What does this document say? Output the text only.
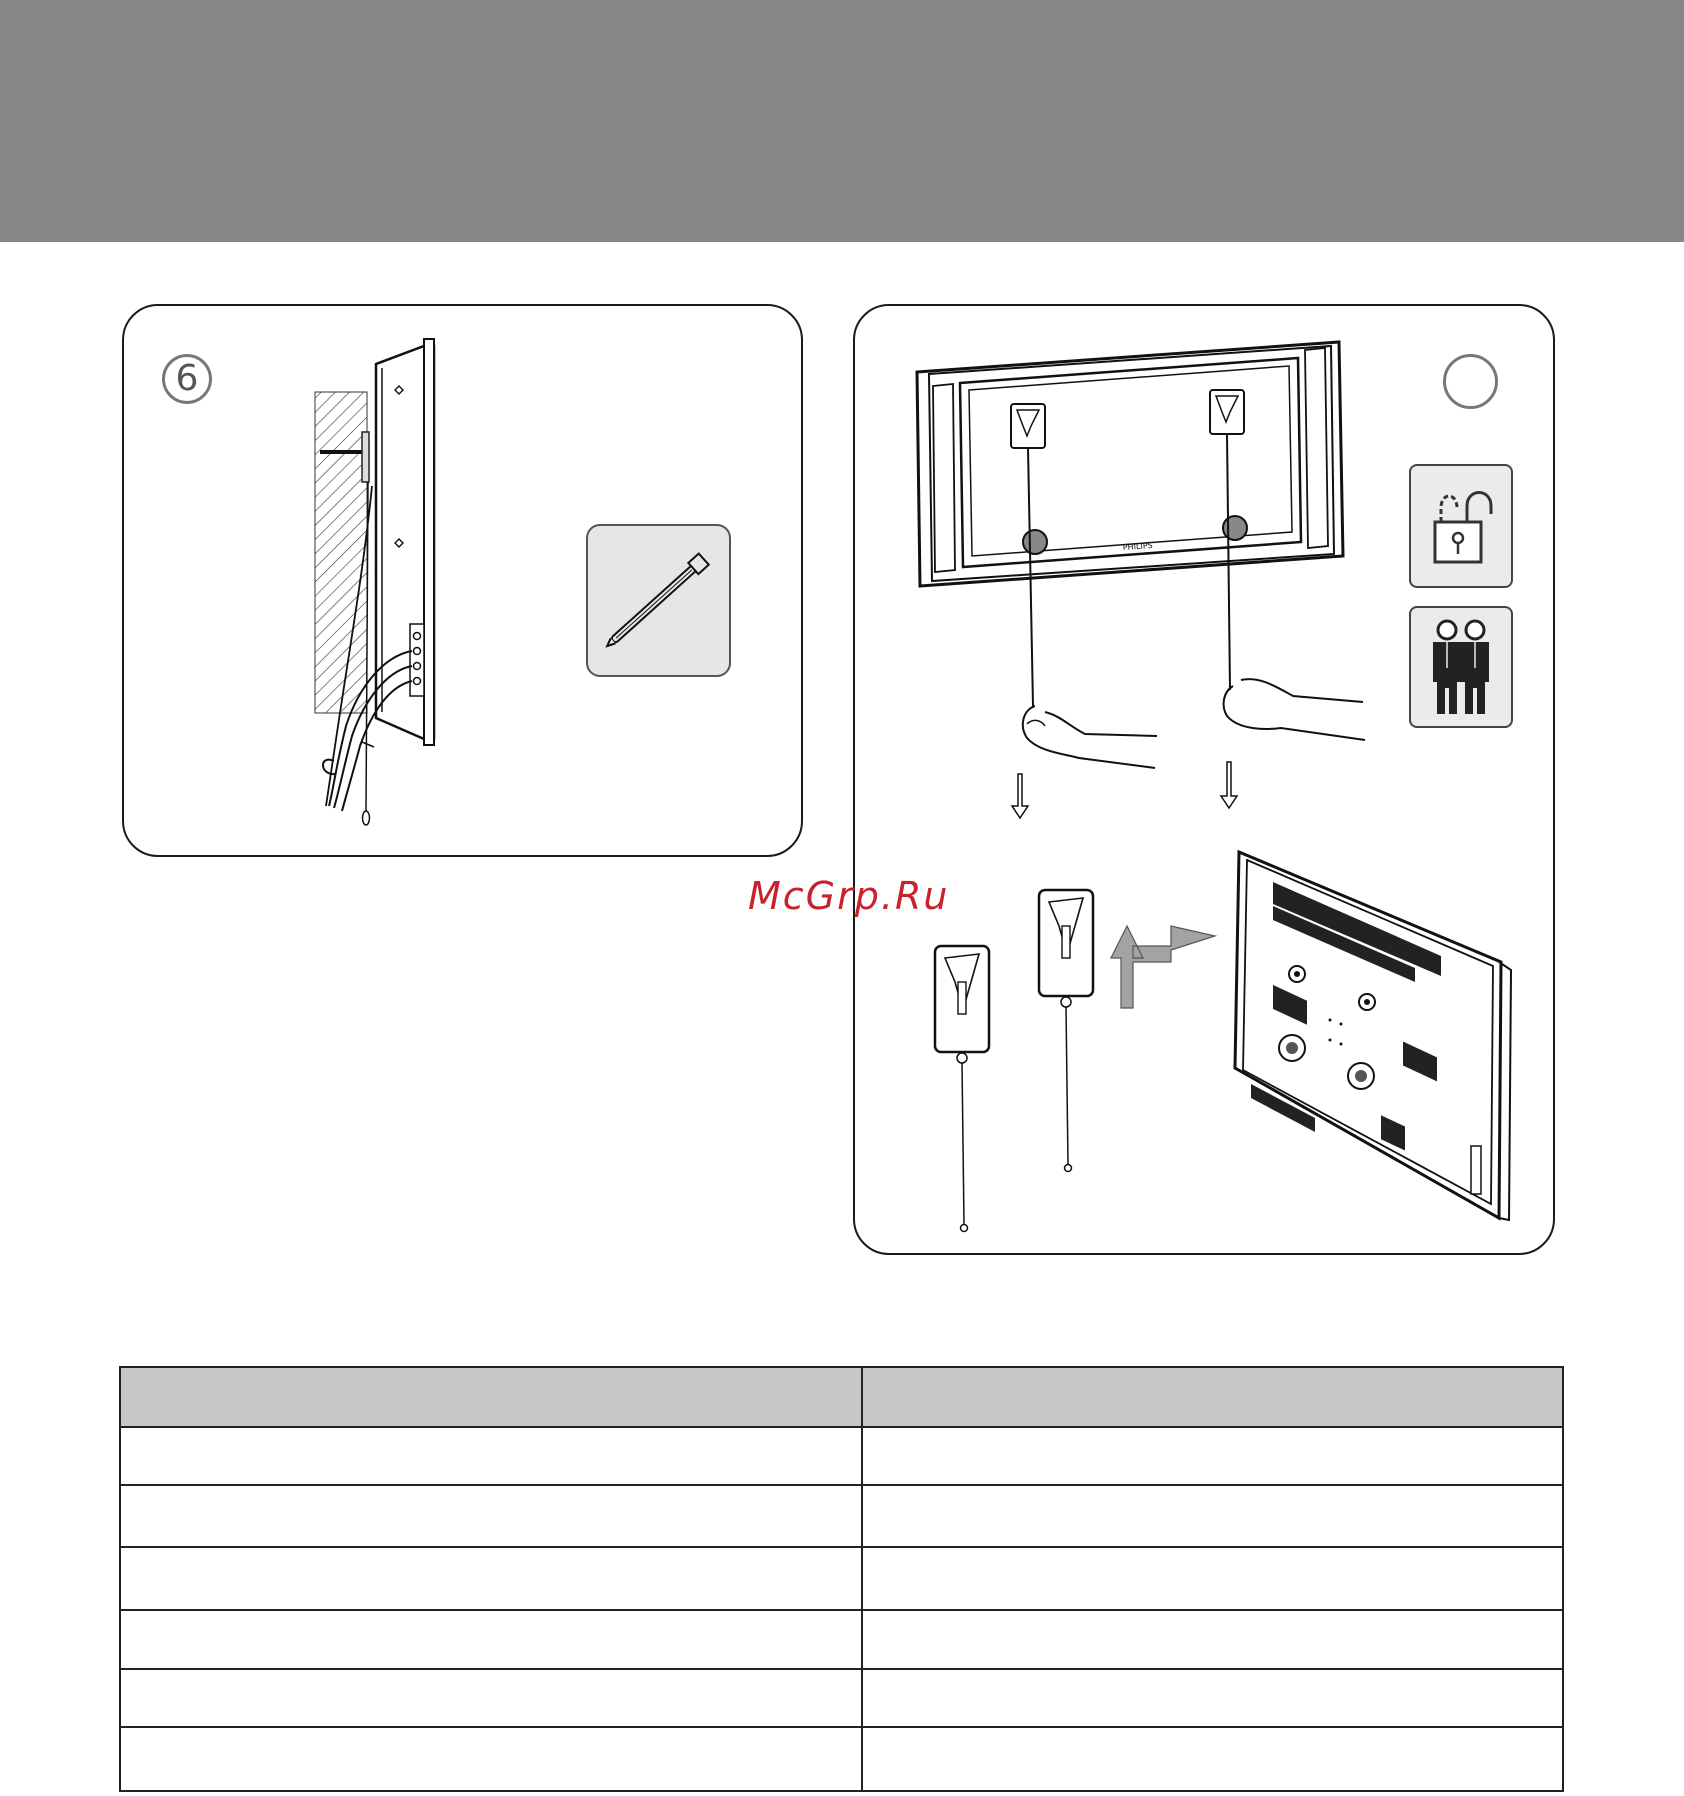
6
PHILIPS
McGrp.Ru
